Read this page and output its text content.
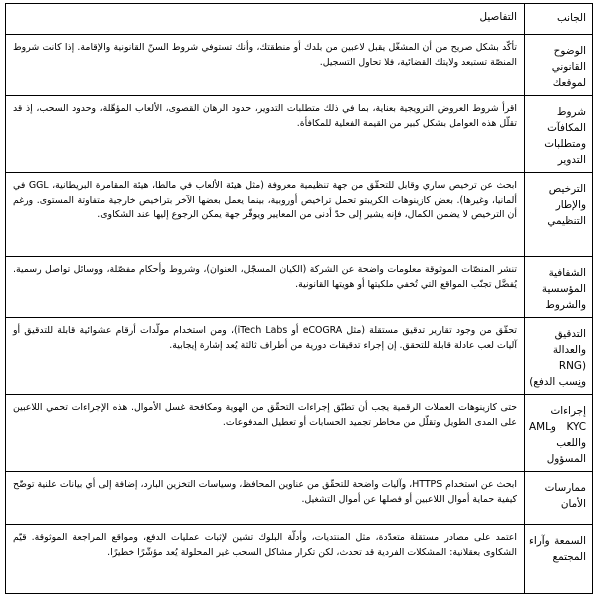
الجانب	التفاصيل
الوضوح القانوني لموقعك	تأكّد بشكل صريح من أن المشغّل يقبل لاعبين من بلدك أو منطقتك، وأنك تستوفي شروط السنّ القانونية والإقامة. إذا كانت شروط المنصّة تستبعد ولايتك القضائية، فلا تحاول التسجيل.
شروط المكافآت ومتطلبات التدوير	اقرأ شروط العروض الترويجية بعناية، بما في ذلك متطلبات التدوير، حدود الرهان القصوى، الألعاب المؤهّلة، وحدود السحب، إذ قد تقلّل هذه العوامل بشكل كبير من القيمة الفعلية للمكافأة.
الترخيص والإطار التنظيمي	ابحث عن ترخيص ساري وقابل للتحقّق من جهة تنظيمية معروفة (مثل هيئة الألعاب في مالطا، هيئة المقامرة البريطانية، GGL في ألمانيا، وغيرها). بعض كازينوهات الكريبتو تحمل تراخيص أوروبية، بينما يعمل بعضها الآخر بتراخيص خارجية متفاوتة المستوى. ورغم أن الترخيص لا يضمن الكمال، فإنه يشير إلى حدّ أدنى من المعايير ويوفّر جهة يمكن الرجوع إليها عند الشكاوى.
الشفافية المؤسسية والشروط	تنشر المنصّات الموثوقة معلومات واضحة عن الشركة (الكيان المسجّل، العنوان)، وشروط وأحكام مفصّلة، ووسائل تواصل رسمية. يُفضَّل تجنّب المواقع التي تُخفي ملكيتها أو هويتها القانونية.
التدقيق والعدالة (RNG ونِسب الدفع)	تحقّق من وجود تقارير تدقيق مستقلة (مثل eCOGRA أو iTech Labs)، ومن استخدام مولّدات أرقام عشوائية قابلة للتدقيق أو آليات لعب عادلة قابلة للتحقق. إن إجراء تدقيقات دورية من أطراف ثالثة يُعد إشارة إيجابية.
إجراءات KYC وAML واللعب المسؤول	حتى كازينوهات العملات الرقمية يجب أن تطبّق إجراءات التحقّق من الهوية ومكافحة غسل الأموال. هذه الإجراءات تحمي اللاعبين على المدى الطويل وتقلّل من مخاطر تجميد الحسابات أو تعطيل المدفوعات.
ممارسات الأمان	ابحث عن استخدام HTTPS، وآليات واضحة للتحقّق من عناوين المحافظ، وسياسات التخزين البارد، إضافة إلى أي بيانات علنية توضّح كيفية حماية أموال اللاعبين أو فصلها عن أموال التشغيل.
السمعة وآراء المجتمع	اعتمد على مصادر مستقلة متعدّدة، مثل المنتديات، وأدلّة البلوك تشين لإثبات عمليات الدفع، ومواقع المراجعة الموثوقة. قيّم الشكاوى بعقلانية: المشكلات الفردية قد تحدث، لكن تكرار مشاكل السحب غير المحلولة يُعد مؤشّرًا خطيرًا.
